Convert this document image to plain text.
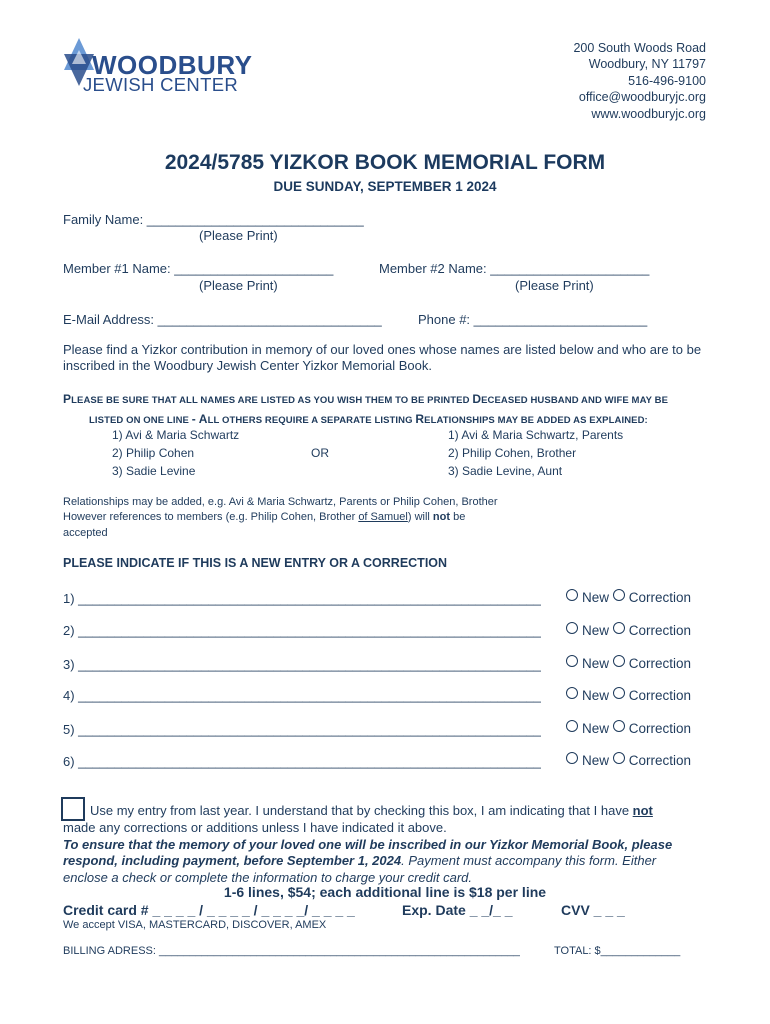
WOODBURY
JEWISH CENTER
200 South Woods Road
Woodbury, NY 11797
516-496-9100
office@woodburyjc.org
www.woodburyjc.org
2024/5785 YIZKOR BOOK MEMORIAL FORM
DUE SUNDAY, SEPTEMBER 1 2024
Family Name: ______________________________
(Please Print)
Member #1 Name: ______________________
(Please Print)
Member #2 Name: ______________________
(Please Print)
E-Mail Address: _______________________________	Phone #: ________________________
Please find a Yizkor contribution in memory of our loved ones whose names are listed below and who are to be inscribed in the Woodbury Jewish Center Yizkor Memorial Book.
PLEASE BE SURE THAT ALL NAMES ARE LISTED AS YOU WISH THEM TO BE PRINTED DECEASED HUSBAND AND WIFE MAY BE
LISTED ON ONE LINE - ALL OTHERS REQUIRE A SEPARATE LISTING RELATIONSHIPS MAY BE ADDED AS EXPLAINED:
1) Avi & Maria Schwartz
2) Philip Cohen
3) Sadie Levine
OR
1) Avi & Maria Schwartz, Parents
2) Philip Cohen, Brother
3) Sadie Levine, Aunt
Relationships may be added, e.g. Avi & Maria Schwartz, Parents or Philip Cohen, Brother
However references to members (e.g. Philip Cohen, Brother of Samuel) will not be
accepted
PLEASE INDICATE IF THIS IS A NEW ENTRY OR A CORRECTION
1) ________________________________________________________________	New Correction
2) ________________________________________________________________	New Correction
3) ________________________________________________________________	New Correction
4) ________________________________________________________________	New Correction
5) ________________________________________________________________	New Correction
6) ________________________________________________________________	New Correction
Use my entry from last year. I understand that by checking this box, I am indicating that I have not
made any corrections or additions unless I have indicated it above.
To ensure that the memory of your loved one will be inscribed in our Yizkor Memorial Book, please respond, including payment, before September 1, 2024. Payment must accompany this form. Either enclose a check or complete the information to charge your credit card.
1-6 lines, $54; each additional line is $18 per line
Credit card # _ _ _ _ / _ _ _ _ / _ _ _ _/ _ _ _ _	Exp. Date _ _/_ _	CVV _ _ _
We accept VISA, MASTERCARD, DISCOVER, AMEX
BILLING ADRESS: ___________________________________________________________	TOTAL: $_____________
